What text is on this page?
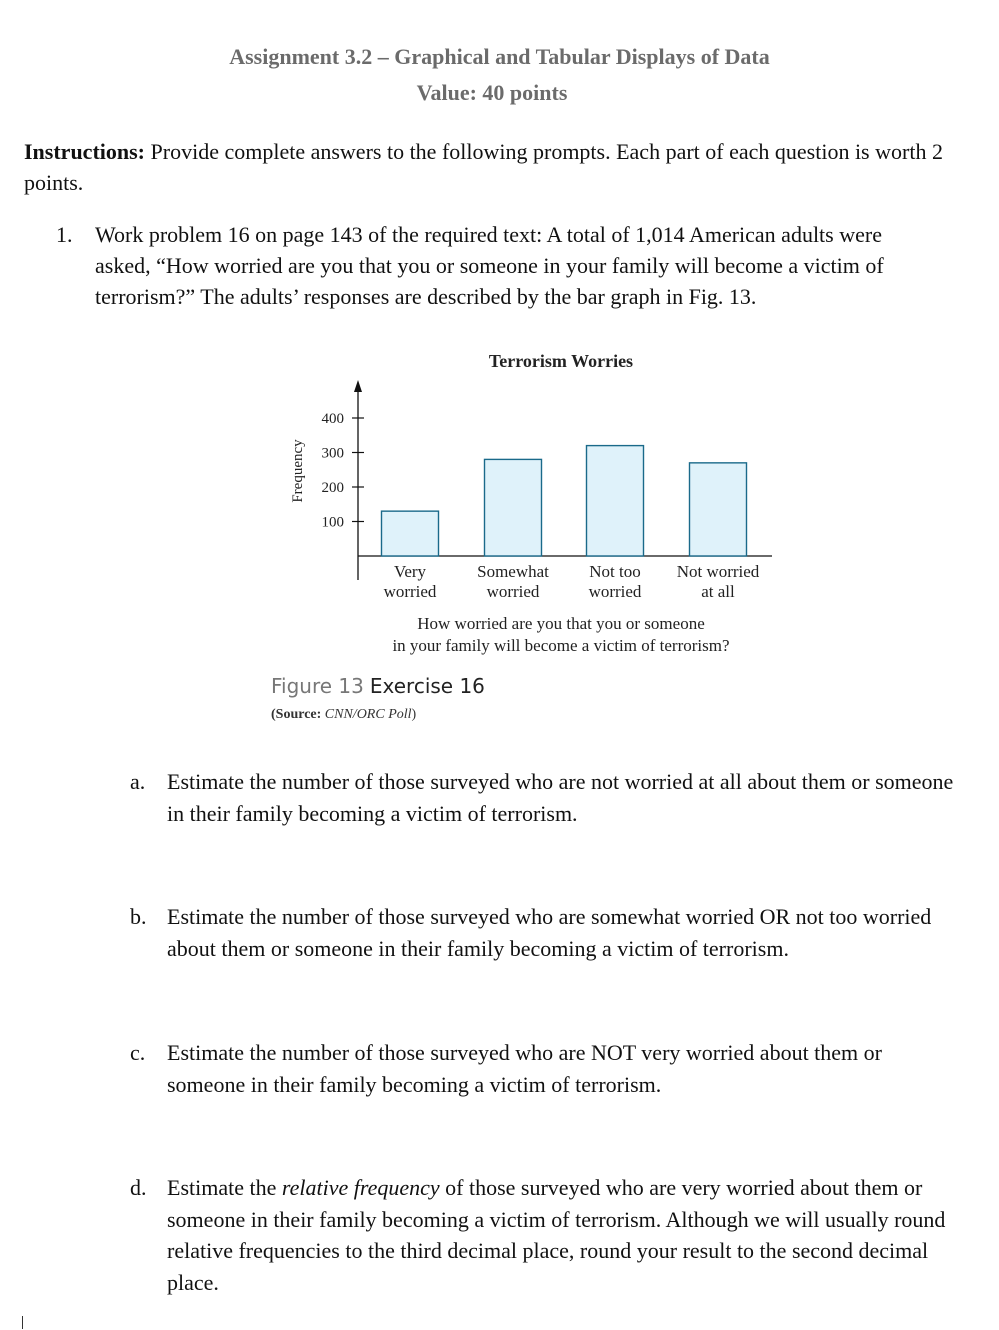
Assignment 3.2 – Graphical and Tabular Displays of Data
Value: 40 points
Instructions: Provide complete answers to the following prompts. Each part of each question is worth 2 points.
1. Work problem 16 on page 143 of the required text: A total of 1,014 American adults were asked, “How worried are you that you or someone in your family will become a victim of terrorism?” The adults’ responses are described by the bar graph in Fig. 13.
Terrorism Worries
Frequency
100
200
300
400
Very
worried
Somewhat
worried
Not too
worried
Not worried
at all
How worried are you that you or someone
in your family will become a victim of terrorism?
Figure 13 Exercise 16
(Source: CNN/ORC Poll)
a. Estimate the number of those surveyed who are not worried at all about them or someone in their family becoming a victim of terrorism.
b. Estimate the number of those surveyed who are somewhat worried OR not too worried about them or someone in their family becoming a victim of terrorism.
c. Estimate the number of those surveyed who are NOT very worried about them or someone in their family becoming a victim of terrorism.
d. Estimate the relative frequency of those surveyed who are very worried about them or someone in their family becoming a victim of terrorism. Although we will usually round relative frequencies to the third decimal place, round your result to the second decimal place.
